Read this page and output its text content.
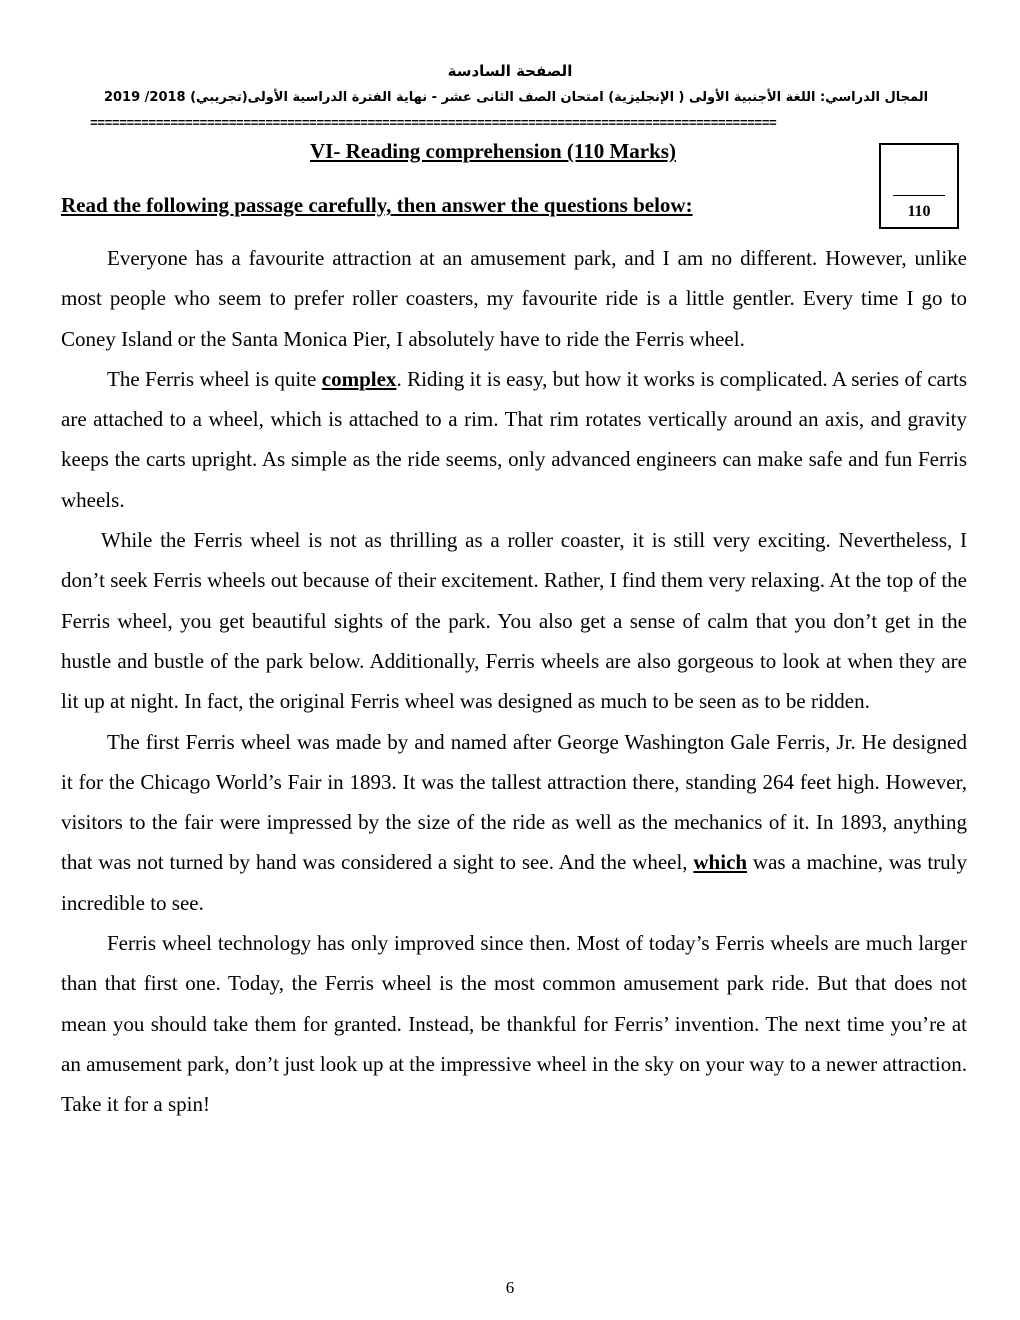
الصفحة السادسة
المجال الدراسي: اللغة الأجنبية الأولى ( الإنجليزية) امتحان الصف الثانى عشر - نهاية الفترة الدراسية الأولى(تجريبي) 2018/ 2019
==============================================================================================
VI- Reading comprehension (110 Marks)
110
Read the following passage carefully, then answer the questions below:

Everyone has a favourite attraction at an amusement park, and I am no different. However, unlike most people who seem to prefer roller coasters, my favourite ride is a little gentler. Every time I go to Coney Island or the Santa Monica Pier, I absolutely have to ride the Ferris wheel.

The Ferris wheel is quite complex. Riding it is easy, but how it works is complicated. A series of carts are attached to a wheel, which is attached to a rim. That rim rotates vertically around an axis, and gravity keeps the carts upright. As simple as the ride seems, only advanced engineers can make safe and fun Ferris wheels.

While the Ferris wheel is not as thrilling as a roller coaster, it is still very exciting. Nevertheless, I don’t seek Ferris wheels out because of their excitement. Rather, I find them very relaxing. At the top of the Ferris wheel, you get beautiful sights of the park. You also get a sense of calm that you don’t get in the hustle and bustle of the park below. Additionally, Ferris wheels are also gorgeous to look at when they are lit up at night. In fact, the original Ferris wheel was designed as much to be seen as to be ridden.

The first Ferris wheel was made by and named after George Washington Gale Ferris, Jr. He designed it for the Chicago World’s Fair in 1893. It was the tallest attraction there, standing 264 feet high. However, visitors to the fair were impressed by the size of the ride as well as the mechanics of it. In 1893, anything that was not turned by hand was considered a sight to see. And the wheel, which was a machine, was truly incredible to see.

Ferris wheel technology has only improved since then. Most of today’s Ferris wheels are much larger than that first one. Today, the Ferris wheel is the most common amusement park ride. But that does not mean you should take them for granted. Instead, be thankful for Ferris’ invention. The next time you’re at an amusement park, don’t just look up at the impressive wheel in the sky on your way to a newer attraction. Take it for a spin!

6
